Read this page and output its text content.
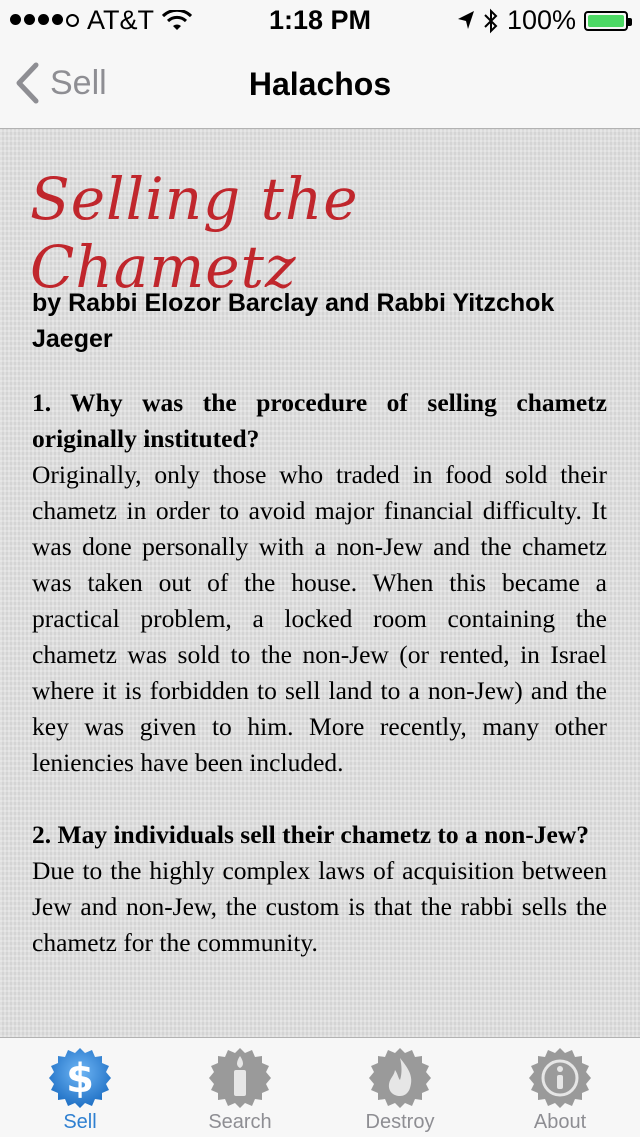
AT&T	1:18 PM	100%
Sell	Halachos
Selling the Chametz
by Rabbi Elozor Barclay and Rabbi Yitzchok Jaeger

1. Why was the procedure of selling chametz originally instituted?

Originally, only those who traded in food sold their chametz in order to avoid major financial difficulty. It was done personally with a non-Jew and the chametz was taken out of the house. When this became a practical problem, a locked room containing the chametz was sold to the non-Jew (or rented, in Israel where it is forbidden to sell land to a non-Jew) and the key was given to him. More recently, many other leniencies have been included.

2. May individuals sell their chametz to a non-Jew?

Due to the highly complex laws of acquisition between Jew and non-Jew, the custom is that the rabbi sells the chametz for the community.

$
Sell	Search	Destroy	About
